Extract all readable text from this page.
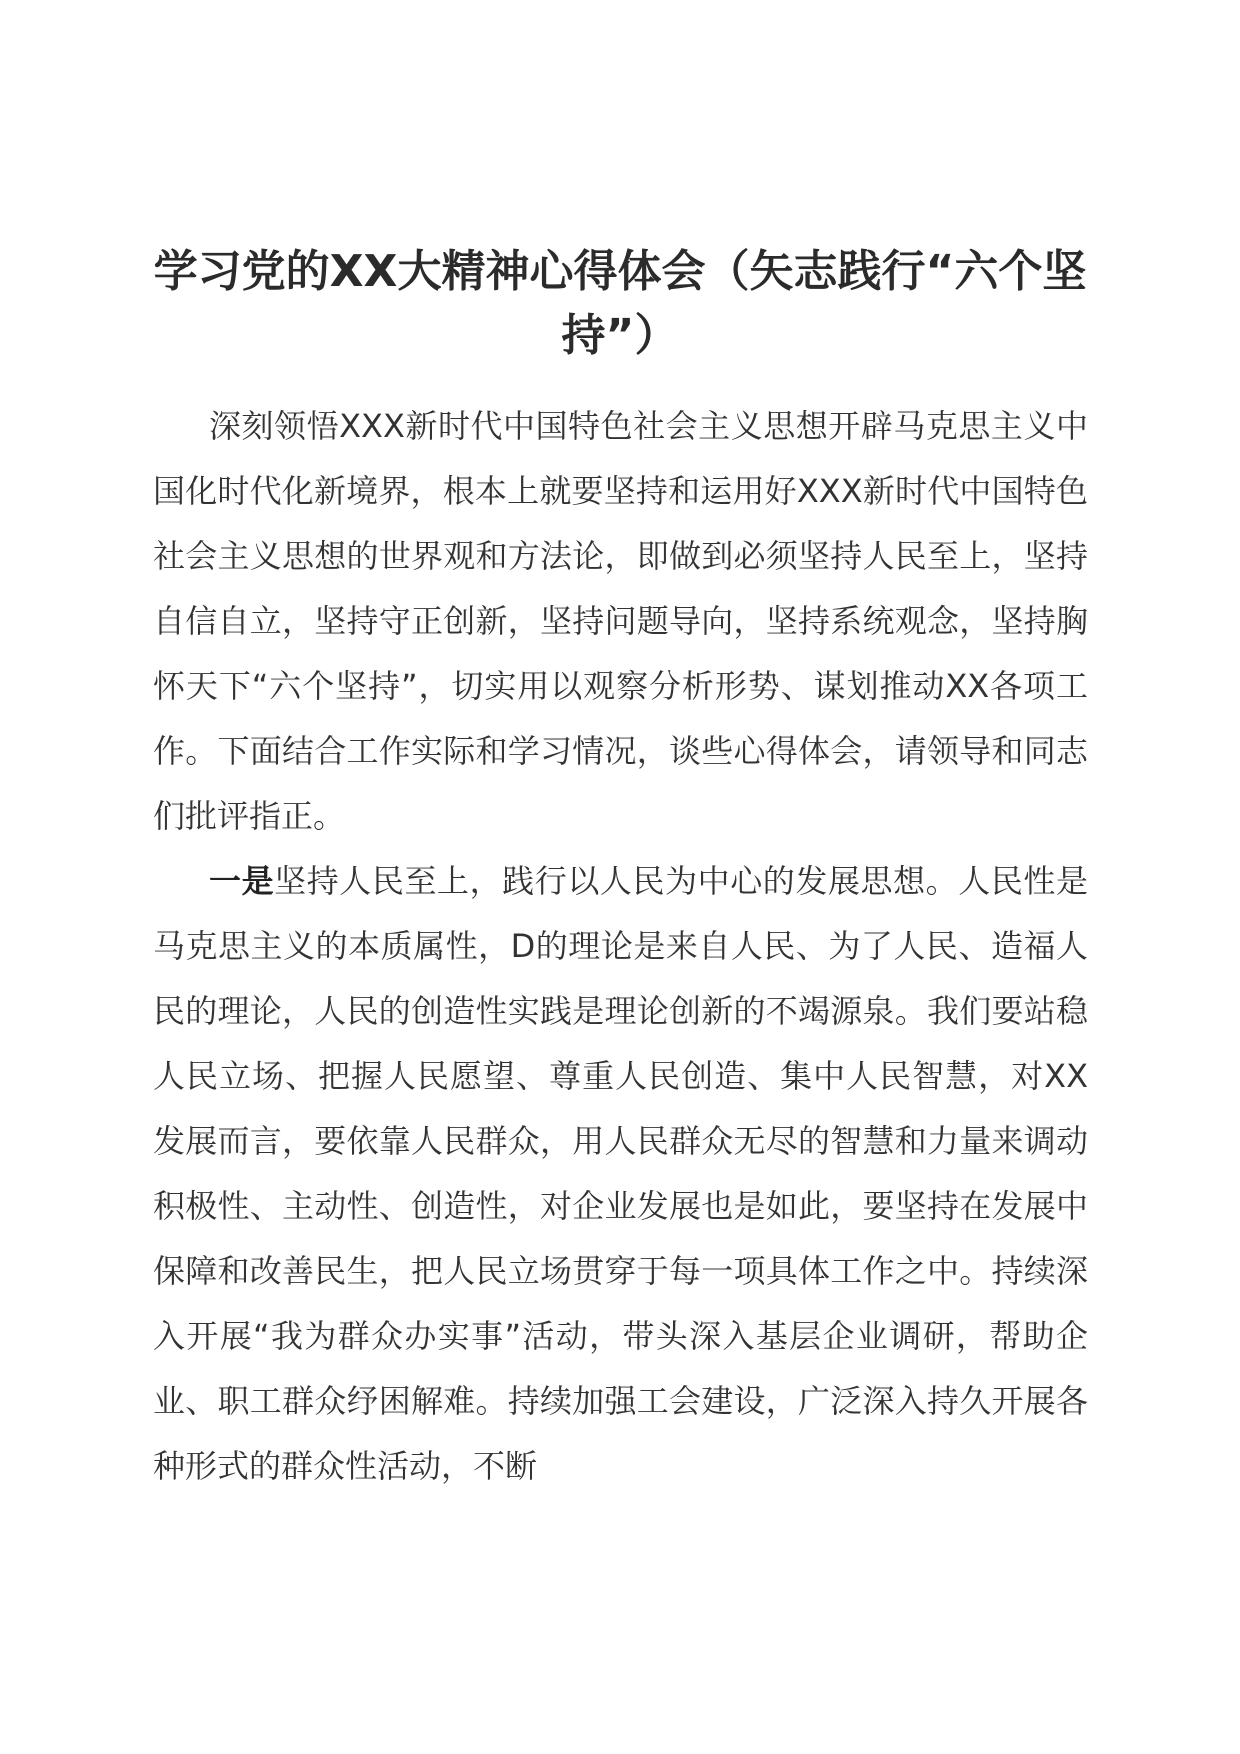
学习党的XX大精神心得体会（矢志践行“六个坚持”）

深刻领悟XXX新时代中国特色社会主义思想开辟马克思主义中国化时代化新境界，根本上就要坚持和运用好XXX新时代中国特色社会主义思想的世界观和方法论，即做到必须坚持人民至上，坚持自信自立，坚持守正创新，坚持问题导向，坚持系统观念，坚持胸怀天下“六个坚持”，切实用以观察分析形势、谋划推动XX各项工作。下面结合工作实际和学习情况，谈些心得体会，请领导和同志们批评指正。

一是坚持人民至上，践行以人民为中心的发展思想。人民性是马克思主义的本质属性，D的理论是来自人民、为了人民、造福人民的理论，人民的创造性实践是理论创新的不竭源泉。我们要站稳人民立场、把握人民愿望、尊重人民创造、集中人民智慧，对XX发展而言，要依靠人民群众，用人民群众无尽的智慧和力量来调动积极性、主动性、创造性，对企业发展也是如此，要坚持在发展中保障和改善民生，把人民立场贯穿于每一项具体工作之中。持续深入开展“我为群众办实事”活动，带头深入基层企业调研，帮助企业、职工群众纾困解难。持续加强工会建设，广泛深入持久开展各种形式的群众性活动，不断
